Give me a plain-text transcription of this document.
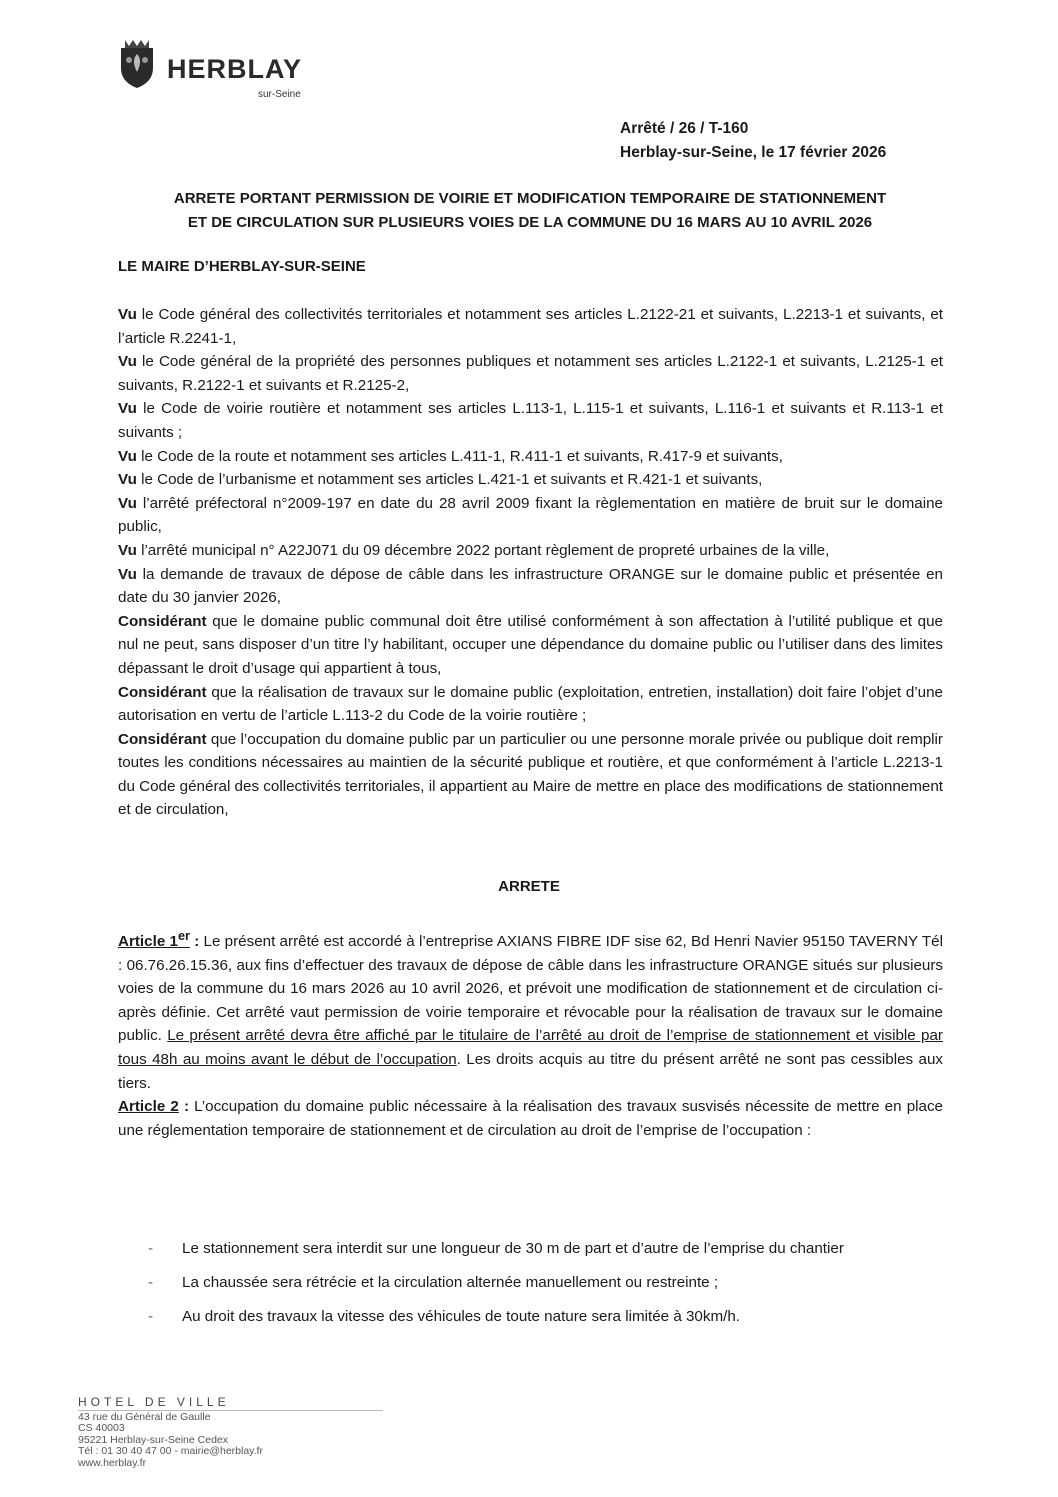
HERBLAY
sur-Seine
Arrêté / 26 / T-160
Herblay-sur-Seine, le 17 février 2026
ARRETE PORTANT PERMISSION DE VOIRIE ET MODIFICATION TEMPORAIRE DE STATIONNEMENT
ET DE CIRCULATION SUR PLUSIEURS VOIES DE LA COMMUNE DU 16 MARS AU 10 AVRIL 2026
LE MAIRE D’HERBLAY-SUR-SEINE

Vu le Code général des collectivités territoriales et notamment ses articles L.2122-21 et suivants, L.2213-1 et suivants, et l’article R.2241-1,

Vu le Code général de la propriété des personnes publiques et notamment ses articles L.2122-1 et suivants, L.2125-1 et suivants, R.2122-1 et suivants et R.2125-2,

Vu le Code de voirie routière et notamment ses articles L.113-1, L.115-1 et suivants, L.116-1 et suivants et R.113-1 et suivants ;

Vu le Code de la route et notamment ses articles L.411-1, R.411-1 et suivants, R.417-9 et suivants,

Vu le Code de l’urbanisme et notamment ses articles L.421-1 et suivants et R.421-1 et suivants,

Vu l’arrêté préfectoral n°2009-197 en date du 28 avril 2009 fixant la règlementation en matière de bruit sur le domaine public,

Vu l’arrêté municipal n° A22J071 du 09 décembre 2022 portant règlement de propreté urbaines de la ville,

Vu la demande de travaux de dépose de câble dans les infrastructure ORANGE sur le domaine public et présentée en date du 30 janvier 2026,

Considérant que le domaine public communal doit être utilisé conformément à son affectation à l’utilité publique et que nul ne peut, sans disposer d’un titre l’y habilitant, occuper une dépendance du domaine public ou l’utiliser dans des limites dépassant le droit d’usage qui appartient à tous,

Considérant que la réalisation de travaux sur le domaine public (exploitation, entretien, installation) doit faire l’objet d’une autorisation en vertu de l’article L.113-2 du Code de la voirie routière ;

Considérant que l’occupation du domaine public par un particulier ou une personne morale privée ou publique doit remplir toutes les conditions nécessaires au maintien de la sécurité publique et routière, et que conformément à l’article L.2213-1 du Code général des collectivités territoriales, il appartient au Maire de mettre en place des modifications de stationnement et de circulation,

ARRETE

Article 1er : Le présent arrêté est accordé à l’entreprise AXIANS FIBRE IDF sise 62, Bd Henri Navier 95150 TAVERNY Tél : 06.76.26.15.36, aux fins d’effectuer des travaux de dépose de câble dans les infrastructure ORANGE situés sur plusieurs voies de la commune du 16 mars 2026 au 10 avril 2026, et prévoit une modification de stationnement et de circulation ci-après définie. Cet arrêté vaut permission de voirie temporaire et révocable pour la réalisation de travaux sur le domaine public. Le présent arrêté devra être affiché par le titulaire de l’arrêté au droit de l’emprise de stationnement et visible par tous 48h au moins avant le début de l’occupation. Les droits acquis au titre du présent arrêté ne sont pas cessibles aux tiers.

Article 2 : L’occupation du domaine public nécessaire à la réalisation des travaux susvisés nécessite de mettre en place une réglementation temporaire de stationnement et de circulation au droit de l’emprise de l’occupation :

- Le stationnement sera interdit sur une longueur de 30 m de part et d’autre de l’emprise du chantier
- La chaussée sera rétrécie et la circulation alternée manuellement ou restreinte ;
- Au droit des travaux la vitesse des véhicules de toute nature sera limitée à 30km/h.
HOTEL DE VILLE
43 rue du Général de Gaulle
CS 40003
95221 Herblay-sur-Seine Cedex
Tél : 01 30 40 47 00 - mairie@herblay.fr
www.herblay.fr
